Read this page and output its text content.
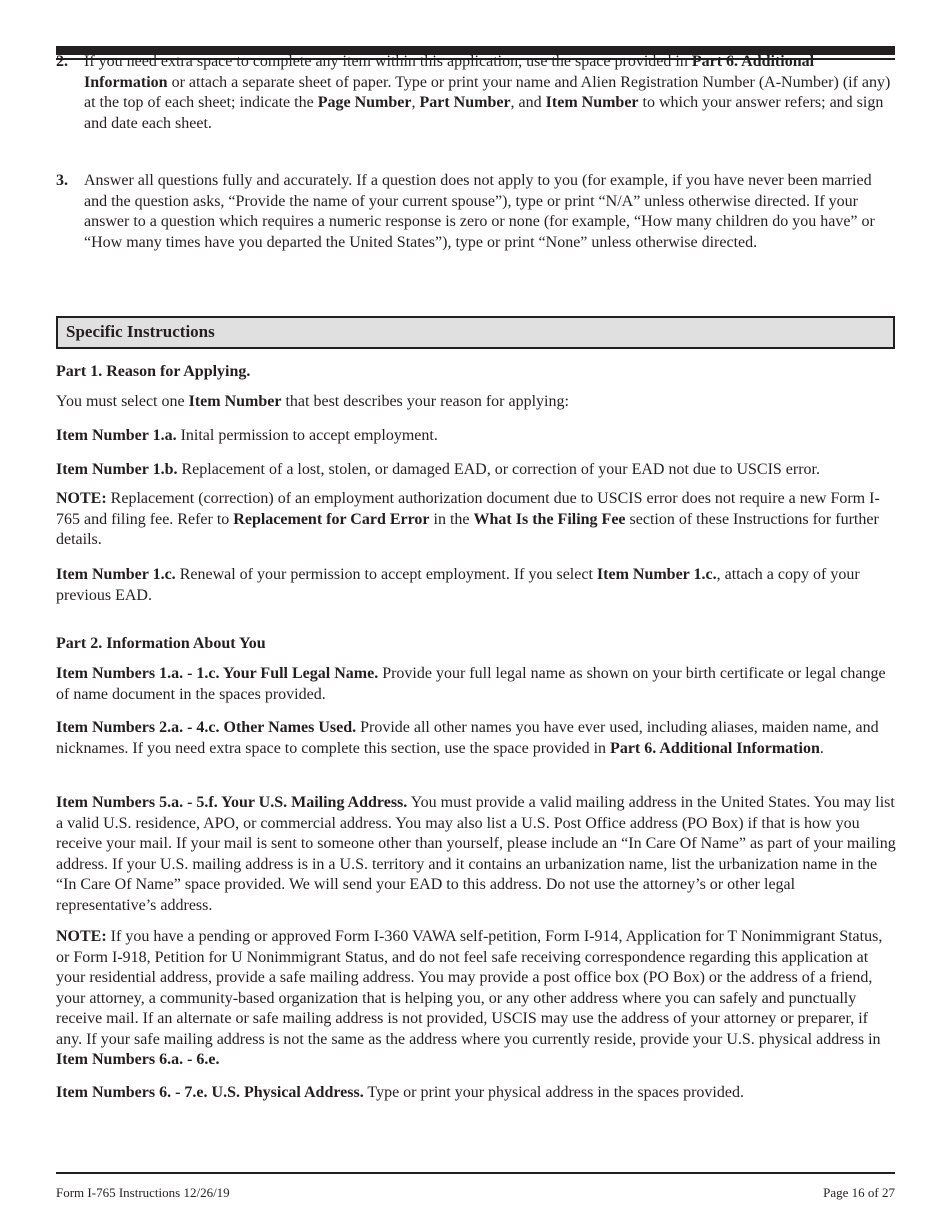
2. If you need extra space to complete any item within this application, use the space provided in Part 6. Additional Information or attach a separate sheet of paper. Type or print your name and Alien Registration Number (A-Number) (if any) at the top of each sheet; indicate the Page Number, Part Number, and Item Number to which your answer refers; and sign and date each sheet.

3. Answer all questions fully and accurately. If a question does not apply to you (for example, if you have never been married and the question asks, “Provide the name of your current spouse”), type or print “N/A” unless otherwise directed. If your answer to a question which requires a numeric response is zero or none (for example, “How many children do you have” or “How many times have you departed the United States”), type or print “None” unless otherwise directed.

Specific Instructions

Part 1. Reason for Applying.

You must select one Item Number that best describes your reason for applying:

Item Number 1.a. Inital permission to accept employment.

Item Number 1.b. Replacement of a lost, stolen, or damaged EAD, or correction of your EAD not due to USCIS error.

NOTE: Replacement (correction) of an employment authorization document due to USCIS error does not require a new Form I-765 and filing fee. Refer to Replacement for Card Error in the What Is the Filing Fee section of these Instructions for further details.

Item Number 1.c. Renewal of your permission to accept employment. If you select Item Number 1.c., attach a copy of your previous EAD.

Part 2. Information About You

Item Numbers 1.a. - 1.c. Your Full Legal Name. Provide your full legal name as shown on your birth certificate or legal change of name document in the spaces provided.

Item Numbers 2.a. - 4.c. Other Names Used. Provide all other names you have ever used, including aliases, maiden name, and nicknames. If you need extra space to complete this section, use the space provided in Part 6. Additional Information.

Item Numbers 5.a. - 5.f. Your U.S. Mailing Address. You must provide a valid mailing address in the United States. You may list a valid U.S. residence, APO, or commercial address. You may also list a U.S. Post Office address (PO Box) if that is how you receive your mail. If your mail is sent to someone other than yourself, please include an “In Care Of Name” as part of your mailing address. If your U.S. mailing address is in a U.S. territory and it contains an urbanization name, list the urbanization name in the “In Care Of Name” space provided. We will send your EAD to this address. Do not use the attorney’s or other legal representative’s address.

NOTE: If you have a pending or approved Form I-360 VAWA self-petition, Form I-914, Application for T Nonimmigrant Status, or Form I-918, Petition for U Nonimmigrant Status, and do not feel safe receiving correspondence regarding this application at your residential address, provide a safe mailing address. You may provide a post office box (PO Box) or the address of a friend, your attorney, a community-based organization that is helping you, or any other address where you can safely and punctually receive mail. If an alternate or safe mailing address is not provided, USCIS may use the address of your attorney or preparer, if any. If your safe mailing address is not the same as the address where you currently reside, provide your U.S. physical address in Item Numbers 6.a. - 6.e.

Item Numbers 6. - 7.e. U.S. Physical Address. Type or print your physical address in the spaces provided.

Form I-765 Instructions 12/26/19	Page 16 of 27
